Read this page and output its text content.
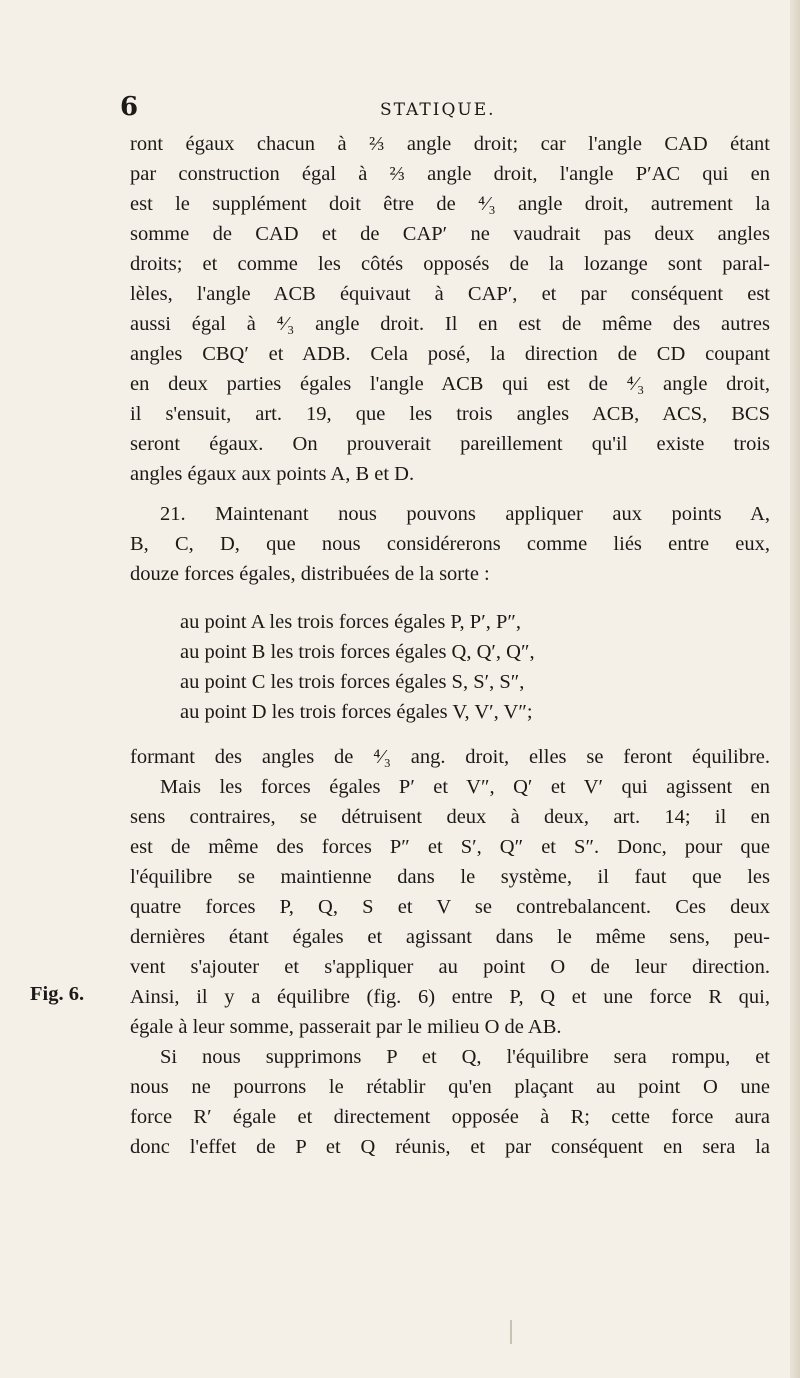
6	STATIQUE.
ront égaux chacun à ⅔ angle droit; car l'angle CAD étant
par construction égal à ⅔ angle droit, l'angle P′AC qui en
est le supplément doit être de ⁴⁄₃ angle droit, autrement la
somme de CAD et de CAP′ ne vaudrait pas deux angles
droits; et comme les côtés opposés de la lozange sont paral-
lèles, l'angle ACB équivaut à CAP′, et par conséquent est
aussi égal à ⁴⁄₃ angle droit. Il en est de même des autres
angles CBQ′ et ADB. Cela posé, la direction de CD coupant
en deux parties égales l'angle ACB qui est de ⁴⁄₃ angle droit,
il s'ensuit, art. 19, que les trois angles ACB, ACS, BCS
seront égaux. On prouverait pareillement qu'il existe trois
angles égaux aux points A, B et D.
21. Maintenant nous pouvons appliquer aux points A,
B, C, D, que nous considérerons comme liés entre eux,
douze forces égales, distribuées de la sorte :
au point A les trois forces égales P, P′, P″,
au point B les trois forces égales Q, Q′, Q″,
au point C les trois forces égales S, S′, S″,
au point D les trois forces égales V, V′, V″;
formant des angles de ⁴⁄₃ ang. droit, elles se feront équilibre.
Mais les forces égales P′ et V″, Q′ et V′ qui agissent en
sens contraires, se détruisent deux à deux, art. 14; il en
est de même des forces P″ et S′, Q″ et S″. Donc, pour que
l'équilibre se maintienne dans le système, il faut que les
quatre forces P, Q, S et V se contrebalancent. Ces deux
dernières étant égales et agissant dans le même sens, peu-
vent s'ajouter et s'appliquer au point O de leur direction.
Fig. 6.	Ainsi, il y a équilibre (fig. 6) entre P, Q et une force R qui,
égale à leur somme, passerait par le milieu O de AB.
Si nous supprimons P et Q, l'équilibre sera rompu, et
nous ne pourrons le rétablir qu'en plaçant au point O une
force R′ égale et directement opposée à R; cette force aura
donc l'effet de P et Q réunis, et par conséquent en sera la
